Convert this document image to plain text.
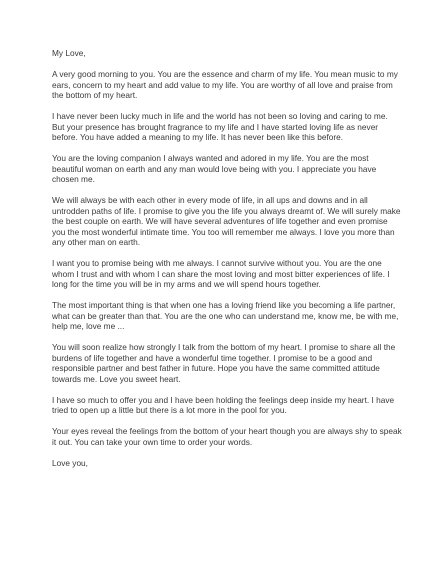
My Love,

A very good morning to you. You are the essence and charm of my life. You mean music to my ears, concern to my heart and add value to my life. You are worthy of all love and praise from the bottom of my heart.

I have never been lucky much in life and the world has not been so loving and caring to me. But your presence has brought fragrance to my life and I have started loving life as never before. You have added a meaning to my life. It has never been like this before.

You are the loving companion I always wanted and adored in my life. You are the most beautiful woman on earth and any man would love being with you. I appreciate you have chosen me.

We will always be with each other in every mode of life, in all ups and downs and in all untrodden paths of life. I promise to give you the life you always dreamt of. We will surely make the best couple on earth. We will have several adventures of life together and even promise you the most wonderful intimate time. You too will remember me always. I love you more than any other man on earth.

I want you to promise being with me always. I cannot survive without you. You are the one whom I trust and with whom I can share the most loving and most bitter experiences of life. I long for the time you will be in my arms and we will spend hours together.

The most important thing is that when one has a loving friend like you becoming a life partner, what can be greater than that. You are the one who can understand me, know me, be with me, help me, love me ...

You will soon realize how strongly I talk from the bottom of my heart. I promise to share all the burdens of life together and have a wonderful time together. I promise to be a good and responsible partner and best father in future. Hope you have the same committed attitude towards me. Love you sweet heart.

I have so much to offer you and I have been holding the feelings deep inside my heart. I have tried to open up a little but there is a lot more in the pool for you.

Your eyes reveal the feelings from the bottom of your heart though you are always shy to speak it out. You can take your own time to order your words.

Love you,
